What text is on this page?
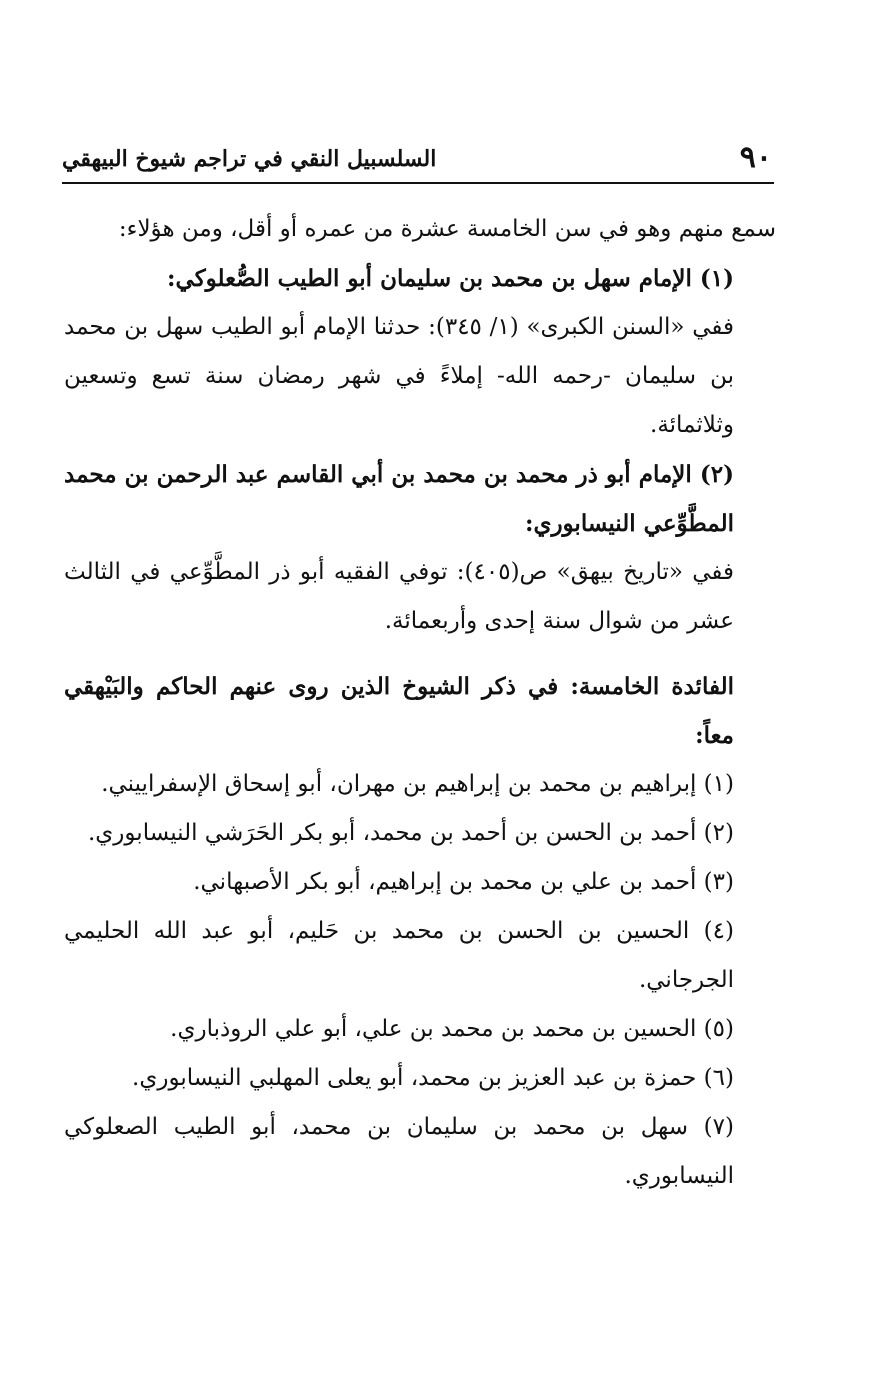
٩٠
السلسبيل النقي في تراجم شيوخ البيهقي

سمع منهم وهو في سن الخامسة عشرة من عمره أو أقل، ومن هؤلاء:

(١) الإمام سهل بن محمد بن سليمان أبو الطيب الصُّعلوكي:

ففي «السنن الكبرى» (١/ ٣٤٥): حدثنا الإمام أبو الطيب سهل بن محمد بن سليمان -رحمه الله- إملاءً في شهر رمضان سنة تسع وتسعين وثلاثمائة.

(٢) الإمام أبو ذر محمد بن محمد بن أبي القاسم عبد الرحمن بن محمد المطَّوِّعي النيسابوري:

ففي «تاريخ بيهق» ص(٤٠٥): توفي الفقيه أبو ذر المطَّوِّعي في الثالث عشر من شوال سنة إحدى وأربعمائة.

الفائدة الخامسة: في ذكر الشيوخ الذين روى عنهم الحاكم والبَيْهقي معاً:

(١) إبراهيم بن محمد بن إبراهيم بن مهران، أبو إسحاق الإسفراييني.

(٢) أحمد بن الحسن بن أحمد بن محمد، أبو بكر الحَرَشي النيسابوري.

(٣) أحمد بن علي بن محمد بن إبراهيم، أبو بكر الأصبهاني.

(٤) الحسين بن الحسن بن محمد بن حَليم، أبو عبد الله الحليمي الجرجاني.

(٥) الحسين بن محمد بن محمد بن علي، أبو علي الروذباري.

(٦) حمزة بن عبد العزيز بن محمد، أبو يعلى المهلبي النيسابوري.

(٧) سهل بن محمد بن سليمان بن محمد، أبو الطيب الصعلوكي النيسابوري.
